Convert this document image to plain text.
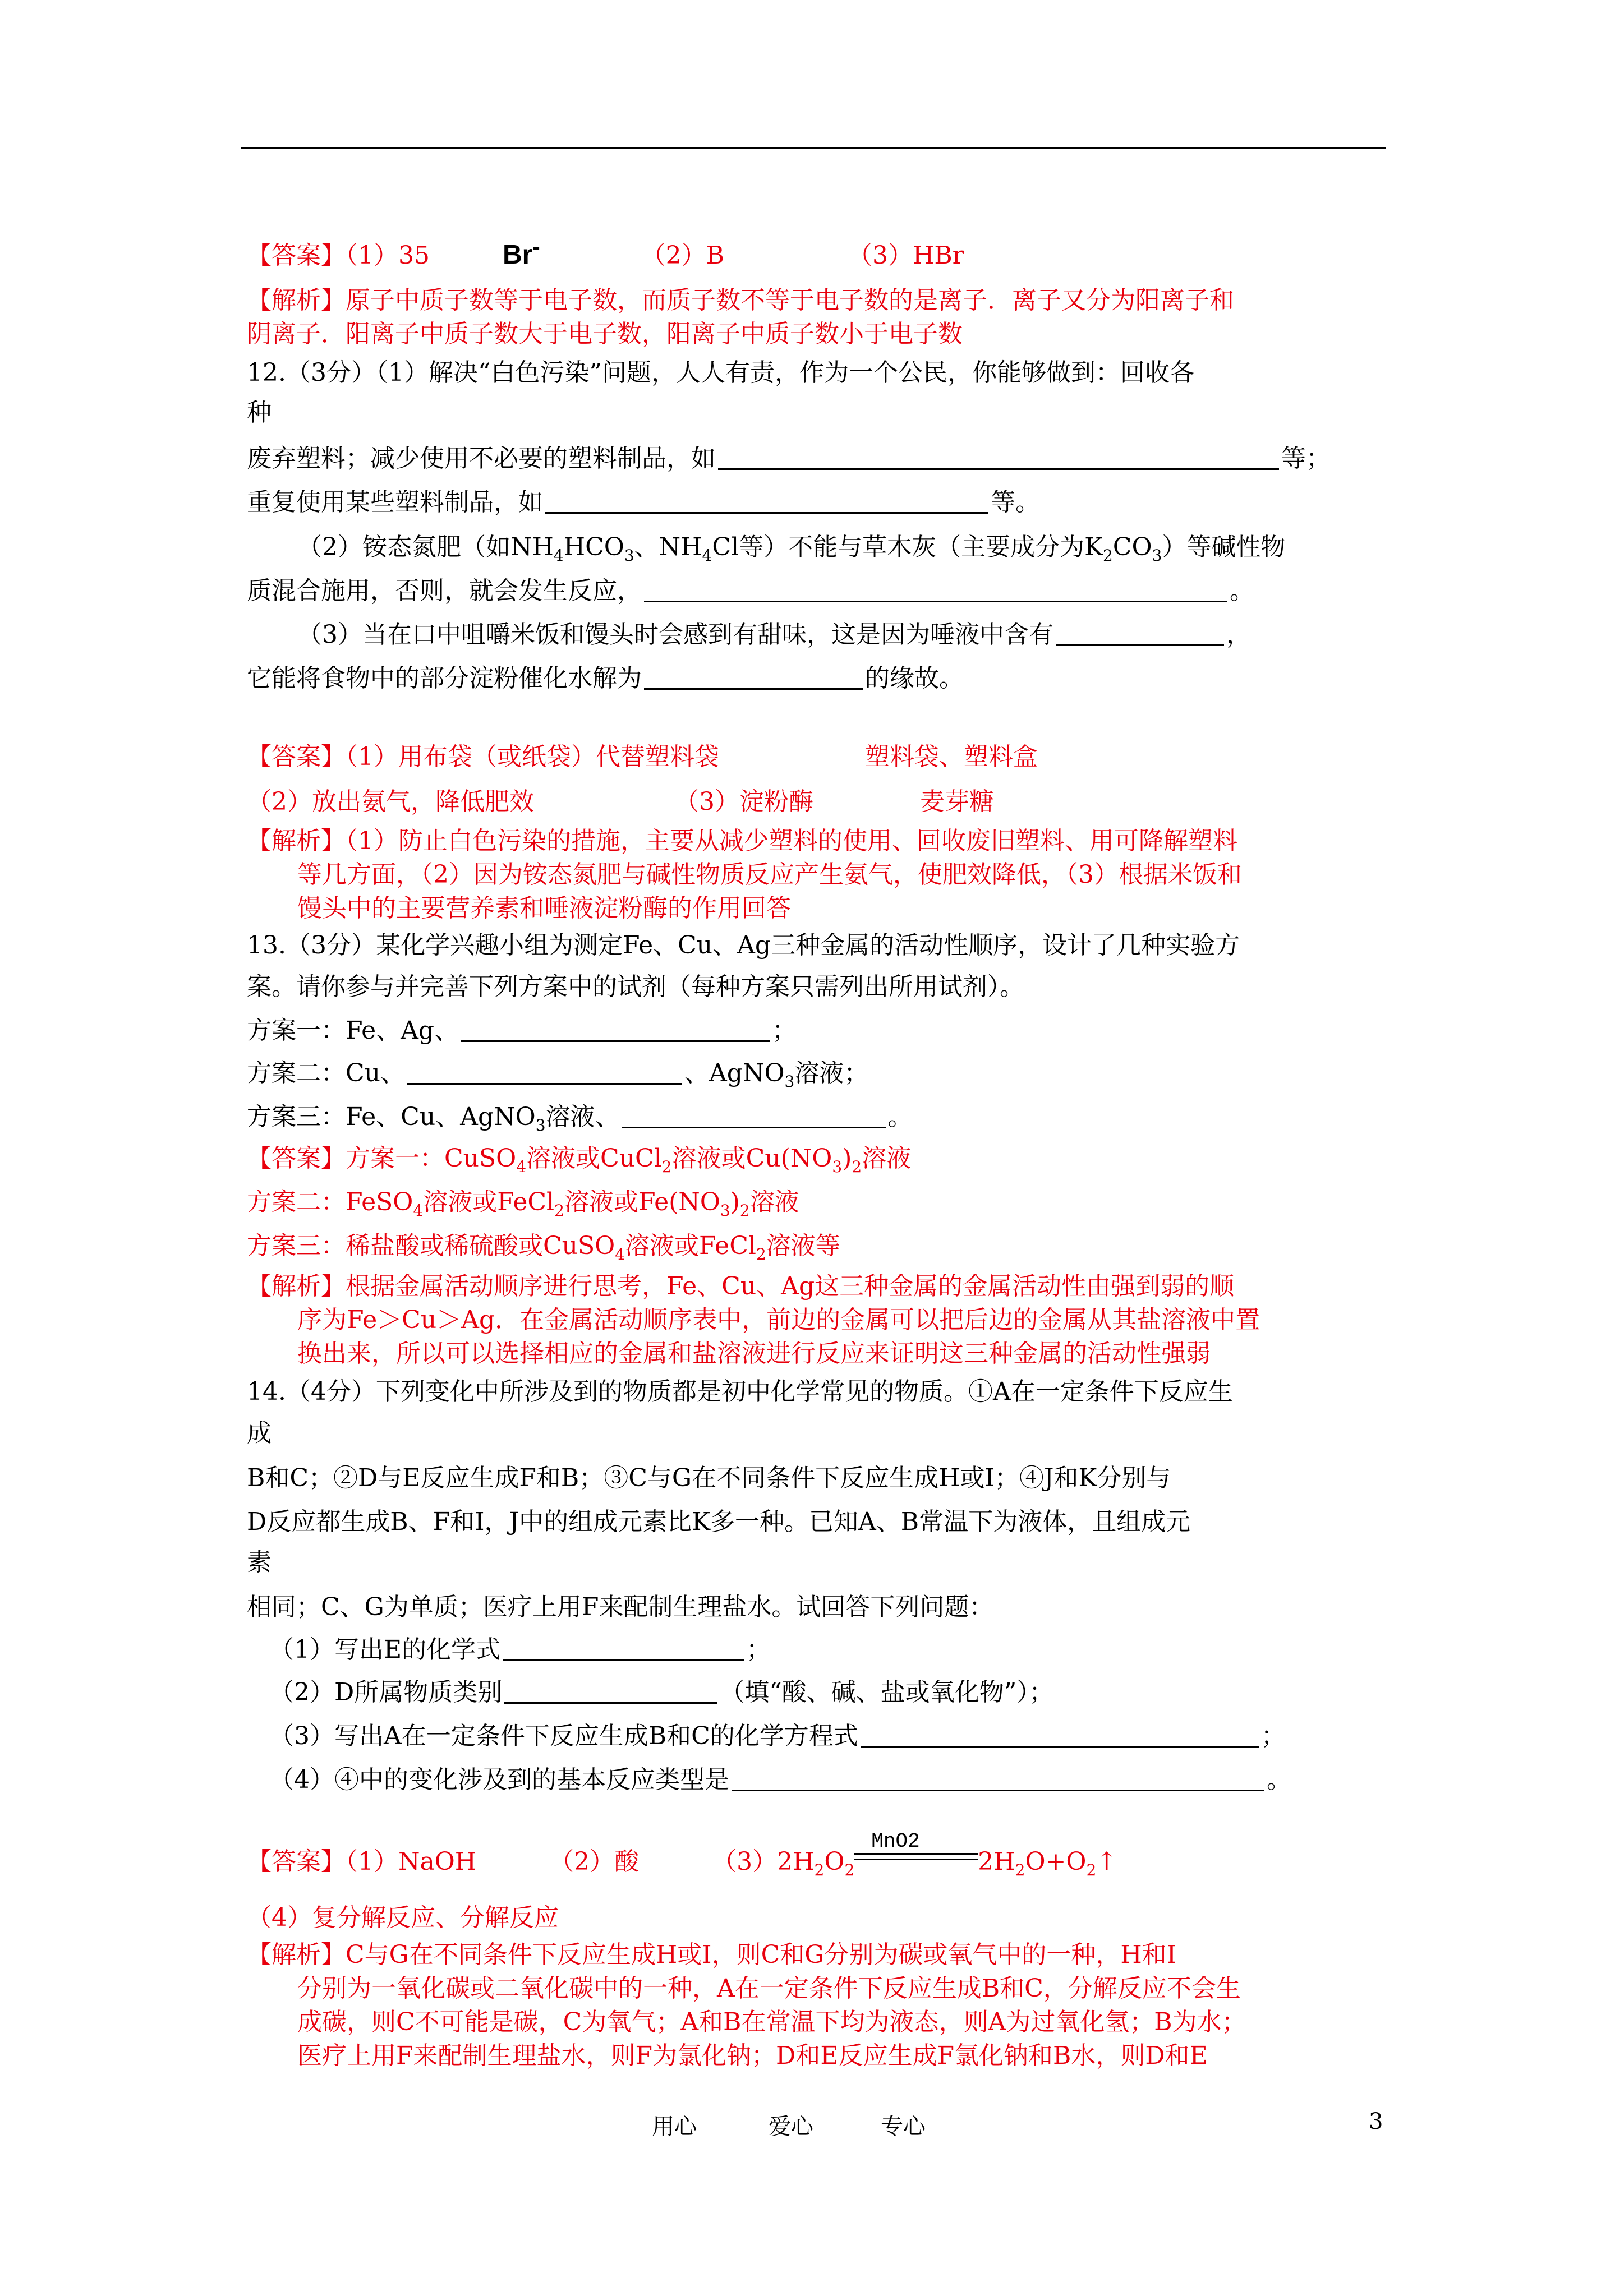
【答案】（1）35	Br-	（2）B	（3）HBr
【解析】原子中质子数等于电子数，而质子数不等于电子数的是离子．离子又分为阳离子和
阴离子．阳离子中质子数大于电子数，阳离子中质子数小于电子数
12.（3分）（1）解决“白色污染”问题，人人有责，作为一个公民，你能够做到：回收各
种
废弃塑料；减少使用不必要的塑料制品，如	等；
重复使用某些塑料制品，如	等。
（2）铵态氮肥（如$NH_4HCO_3$、$NH_4Cl$等）不能与草木灰（主要成分为$K_2CO_3$）等碱性物
质混合施用，否则，就会发生反应，	。
（3）当在口中咀嚼米饭和馒头时会感到有甜味，这是因为唾液中含有	，
它能将食物中的部分淀粉催化水解为	的缘故。
【答案】（1）用布袋（或纸袋）代替塑料袋	塑料袋、塑料盒
（2）放出氨气，降低肥效	（3）淀粉酶	麦芽糖
【解析】（1）防止白色污染的措施，主要从减少塑料的使用、回收废旧塑料、用可降解塑料
等几方面，（2）因为铵态氮肥与碱性物质反应产生氨气，使肥效降低，（3）根据米饭和
馒头中的主要营养素和唾液淀粉酶的作用回答
13.（3分）某化学兴趣小组为测定Fe、Cu、Ag三种金属的活动性顺序，设计了几种实验方
案。请你参与并完善下列方案中的试剂（每种方案只需列出所用试剂）。
方案一：Fe、Ag、	；
方案二：Cu、	、AgNO$_3$溶液；
方案三：Fe、Cu、AgNO$_3$溶液、	。
【答案】方案一：CuSO$_4$溶液或CuCl$_2$溶液或$Cu(NO_3)_2$溶液
方案二：FeSO$_4$溶液或FeCl$_2$溶液或$Fe(NO_3)_2$溶液
方案三：稀盐酸或稀硫酸或CuSO$_4$溶液或FeCl$_2$溶液等
【解析】根据金属活动顺序进行思考，Fe、Cu、Ag这三种金属的金属活动性由强到弱的顺
序为Fe＞Cu＞Ag．在金属活动顺序表中，前边的金属可以把后边的金属从其盐溶液中置
换出来，所以可以选择相应的金属和盐溶液进行反应来证明这三种金属的活动性强弱
14.（4分）下列变化中所涉及到的物质都是初中化学常见的物质。①A在一定条件下反应生
成
B和C；②D与E反应生成F和B；③C与G在不同条件下反应生成H或I；④J和K分别与
D反应都生成B、F和I，J中的组成元素比K多一种。已知A、B常温下为液体，且组成元
素
相同；C、G为单质；医疗上用F来配制生理盐水。试回答下列问题：
（1）写出E的化学式	；
（2）D所属物质类别	（填“酸、碱、盐或氧化物”）；
（3）写出A在一定条件下反应生成B和C的化学方程式	；
（4）④中的变化涉及到的基本反应类型是	。
【答案】（1）NaOH	（2）酸	$(3)2H_2O_2$
MnO2
$2H_2O+O_2↑$
（4）复分解反应、分解反应
【解析】C与G在不同条件下反应生成H或I，则C和G分别为碳或氧气中的一种，H和I
分别为一氧化碳或二氧化碳中的一种，A在一定条件下反应生成B和C，分解反应不会生
成碳，则C不可能是碳，C为氧气；A和B在常温下均为液态，则A为过氧化氢；B为水；
医疗上用F来配制生理盐水，则F为氯化钠；D和E反应生成F氯化钠和B水，则D和E
用心	爱心	专心	3
